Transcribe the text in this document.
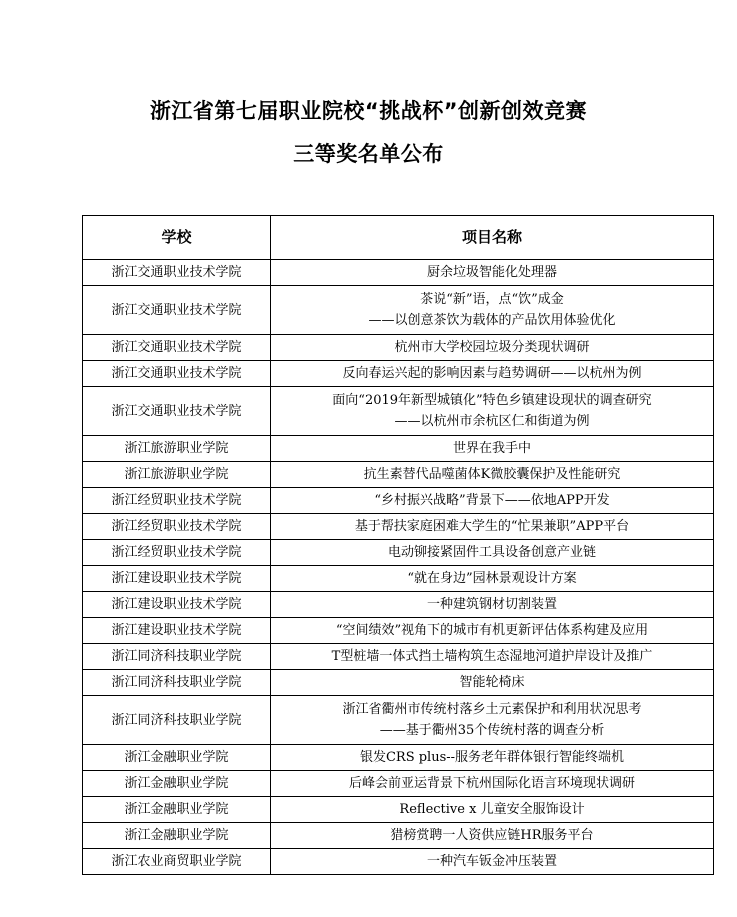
浙江省第七届职业院校“挑战杯”创新创效竞赛
三等奖名单公布
学校	项目名称
浙江交通职业技术学院	厨余垃圾智能化处理器

浙江交通职业技术学院	茶说“新”语，点“饮”成金
——以创意茶饮为载体的产品饮用体验优化

浙江交通职业技术学院	杭州市大学校园垃圾分类现状调研

浙江交通职业技术学院	反向春运兴起的影响因素与趋势调研——以杭州为例

浙江交通职业技术学院	面向“2019年新型城镇化”特色乡镇建设现状的调查研究
——以杭州市余杭区仁和街道为例

浙江旅游职业学院	世界在我手中

浙江旅游职业学院	抗生素替代品噬菌体K微胶囊保护及性能研究

浙江经贸职业技术学院	“乡村振兴战略”背景下——依地APP开发

浙江经贸职业技术学院	基于帮扶家庭困难大学生的“忙果兼职”APP平台

浙江经贸职业技术学院	电动铆接紧固件工具设备创意产业链

浙江建设职业技术学院	“就在身边”园林景观设计方案

浙江建设职业技术学院	一种建筑钢材切割装置

浙江建设职业技术学院	“空间绩效”视角下的城市有机更新评估体系构建及应用

浙江同济科技职业学院	T型桩墙一体式挡土墙构筑生态湿地河道护岸设计及推广

浙江同济科技职业学院	智能轮椅床

浙江同济科技职业学院	浙江省衢州市传统村落乡土元素保护和利用状况思考
——基于衢州35个传统村落的调查分析

浙江金融职业学院	银发CRS plus--服务老年群体银行智能终端机

浙江金融职业学院	后峰会前亚运背景下杭州国际化语言环境现状调研

浙江金融职业学院	Reflective x 儿童安全服饰设计

浙江金融职业学院	猎榜赏聘一人资供应链HR服务平台

浙江农业商贸职业学院	一种汽车钣金冲压装置
